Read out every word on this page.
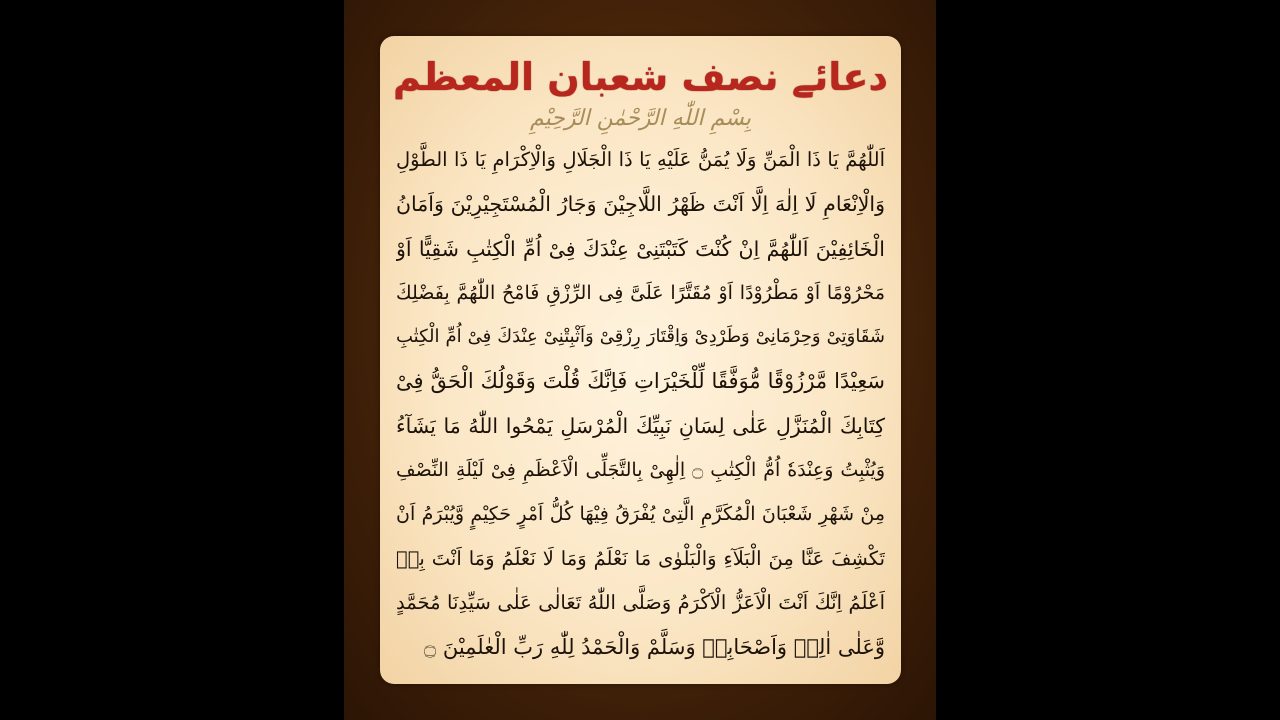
دعائے نصف شعبان المعظم
بِسْمِ اللّٰهِ الرَّحْمٰنِ الرَّحِيْمِ
اَللّٰهُمَّ يَا ذَا الْمَنِّ وَلَا يُمَنُّ عَلَيْهِ يَا ذَا الْجَلَالِ وَالْاِكْرَامِ يَا ذَا الطَّوْلِ
وَالْاِنْعَامِ لَا اِلٰهَ اِلَّا اَنْتَ ظَهْرُ اللَّاجِيْنَ وَجَارُ الْمُسْتَجِيْرِيْنَ وَاَمَانُ
الْخَائِفِيْنَ اَللّٰهُمَّ اِنْ كُنْتَ كَتَبْتَنِیْ عِنْدَكَ فِیْ اُمِّ الْكِتٰبِ شَقِيًّا اَوْ
مَحْرُوْمًا اَوْ مَطْرُوْدًا اَوْ مُقَتَّرًا عَلَیَّ فِی الرِّزْقِ فَامْحُ اللّٰهُمَّ بِفَضْلِكَ
شَقَاوَتِیْ وَحِرْمَانِیْ وَطَرْدِیْ وَاِقْتَارَ رِزْقِیْ وَاَثْبِتْنِیْ عِنْدَكَ فِیْ اُمِّ الْكِتٰبِ
سَعِيْدًا مَّرْزُوْقًا مُّوَفَّقًا لِّلْخَيْرَاتِ فَاِنَّكَ قُلْتَ وَقَوْلُكَ الْحَقُّ فِیْ
كِتَابِكَ الْمُنَزَّلِ عَلٰى لِسَانِ نَبِيِّكَ الْمُرْسَلِ يَمْحُوا اللّٰهُ مَا يَشَآءُ
وَيُثْبِتُ وَعِنْدَهٗ اُمُّ الْكِتٰبِ ۝ اِلٰهِیْ بِالتَّجَلِّی الْاَعْظَمِ فِیْ لَيْلَةِ النِّصْفِ
مِنْ شَهْرِ شَعْبَانَ الْمُكَرَّمِ الَّتِیْ يُفْرَقُ فِيْهَا كُلُّ اَمْرٍ حَكِيْمٍ وَّيُبْرَمُ اَنْ
تَكْشِفَ عَنَّا مِنَ الْبَلَآءِ وَالْبَلْوٰی مَا نَعْلَمُ وَمَا لَا نَعْلَمُ وَمَا اَنْتَ بِهٖ
اَعْلَمُ اِنَّكَ اَنْتَ الْاَعَزُّ الْاَكْرَمُ وَصَلَّی اللّٰهُ تَعَالٰی عَلٰی سَيِّدِنَا مُحَمَّدٍ
وَّعَلٰی اٰلِهٖ وَاَصْحَابِهٖ وَسَلَّمْ وَالْحَمْدُ لِلّٰهِ رَبِّ الْعٰلَمِيْنَ ۝
